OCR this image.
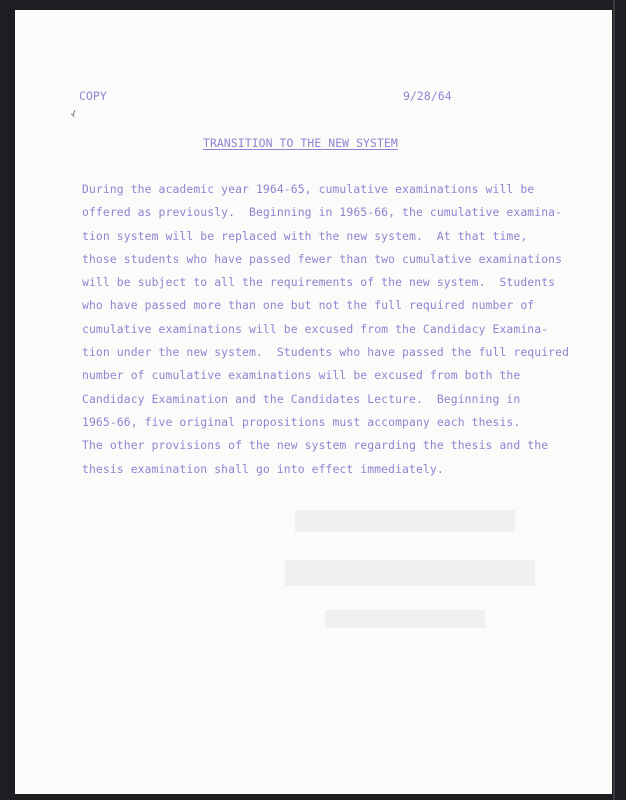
COPY	9/28/64
TRANSITION TO THE NEW SYSTEM
During the academic year 1964-65, cumulative examinations will be
offered as previously.  Beginning in 1965-66, the cumulative examina-
tion system will be replaced with the new system.  At that time,
those students who have passed fewer than two cumulative examinations
will be subject to all the requirements of the new system.  Students
who have passed more than one but not the full required number of
cumulative examinations will be excused from the Candidacy Examina-
tion under the new system.  Students who have passed the full required
number of cumulative examinations will be excused from both the
Candidacy Examination and the Candidates Lecture.  Beginning in
1965-66, five original propositions must accompany each thesis.
The other provisions of the new system regarding the thesis and the
thesis examination shall go into effect immediately.
